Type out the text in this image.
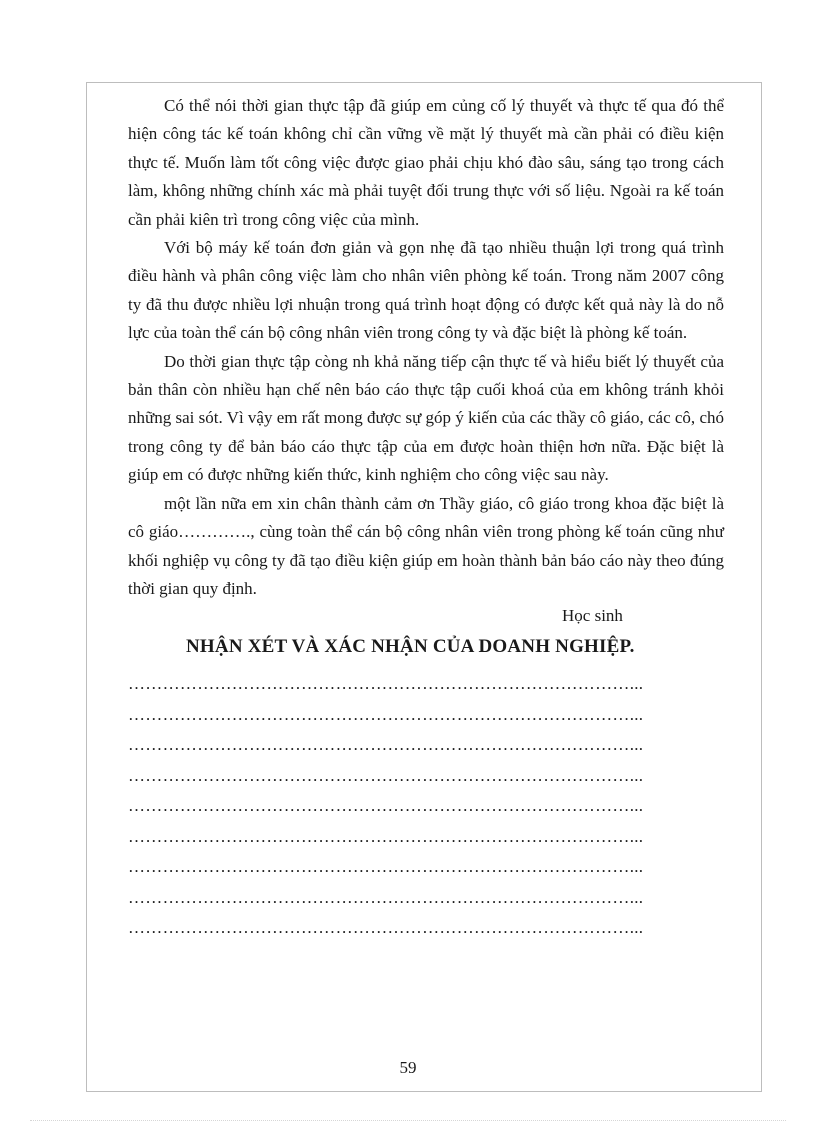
Có thể nói thời gian thực tập đã giúp em củng cố lý thuyết và thực tế qua đó thể hiện công tác kế toán không chỉ cần vững về mặt lý thuyết mà cần phải có điều kiện thực tế. Muốn làm tốt công việc được giao phải chịu khó đào sâu, sáng tạo trong cách làm, không những chính xác mà phải tuyệt đối trung thực với số liệu. Ngoài ra kế toán cần phải kiên trì trong công việc của mình.

Với bộ máy kế toán đơn giản và gọn nhẹ đã tạo nhiều thuận lợi trong quá trình điều hành và phân công việc làm cho nhân viên phòng kế toán. Trong năm 2007 công ty đã thu được nhiều lợi nhuận trong quá trình hoạt động có được kết quả này là do nỗ lực của toàn thể cán bộ công nhân viên trong công ty và đặc biệt là phòng kế toán.

Do thời gian thực tập còng nh khả năng tiếp cận thực tế và hiểu biết lý thuyết của bản thân còn nhiều hạn chế nên báo cáo thực tập cuối khoá của em không tránh khỏi những sai sót. Vì vậy em rất mong được sự góp ý kiến của các thầy cô giáo, các cô, chó trong công ty để bản báo cáo thực tập của em được hoàn thiện hơn nữa. Đặc biệt là giúp em có được những kiến thức, kinh nghiệm cho công việc sau này.

một lần nữa em xin chân thành cảm ơn Thầy giáo, cô giáo trong khoa đặc biệt là cô giáo…………., cùng toàn thể cán bộ công nhân viên trong phòng kế toán cũng như khối nghiệp vụ công ty đã tạo điều kiện giúp em hoàn thành bản báo cáo này theo đúng thời gian quy định.

Học sinh
NHẬN XÉT VÀ XÁC NHẬN CỦA DOANH NGHIỆP.
……………………………………………………………………………...
……………………………………………………………………………...
……………………………………………………………………………...
……………………………………………………………………………...
……………………………………………………………………………...
……………………………………………………………………………...
……………………………………………………………………………...
……………………………………………………………………………...
……………………………………………………………………………...
59
